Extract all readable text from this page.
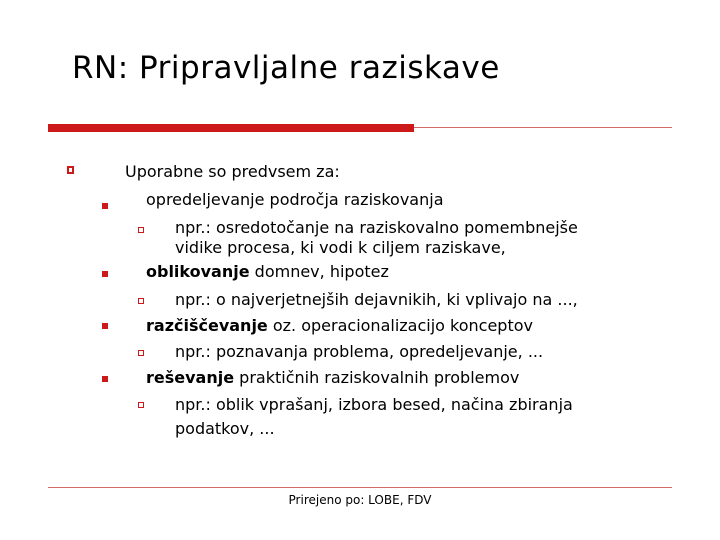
RN: Pripravljalne raziskave
Uporabne so predvsem za:
opredeljevanje področja raziskovanja
npr.: osredotočanje na raziskovalno pomembnejše
vidike procesa, ki vodi k ciljem raziskave,
oblikovanje domnev, hipotez
npr.: o najverjetnejših dejavnikih, ki vplivajo na ...,
razčiščevanje oz. operacionalizacijo konceptov
npr.: poznavanja problema, opredeljevanje, ...
reševanje praktičnih raziskovalnih problemov
npr.: oblik vprašanj, izbora besed, načina zbiranja
podatkov, ...
Prirejeno po: LOBE, FDV
